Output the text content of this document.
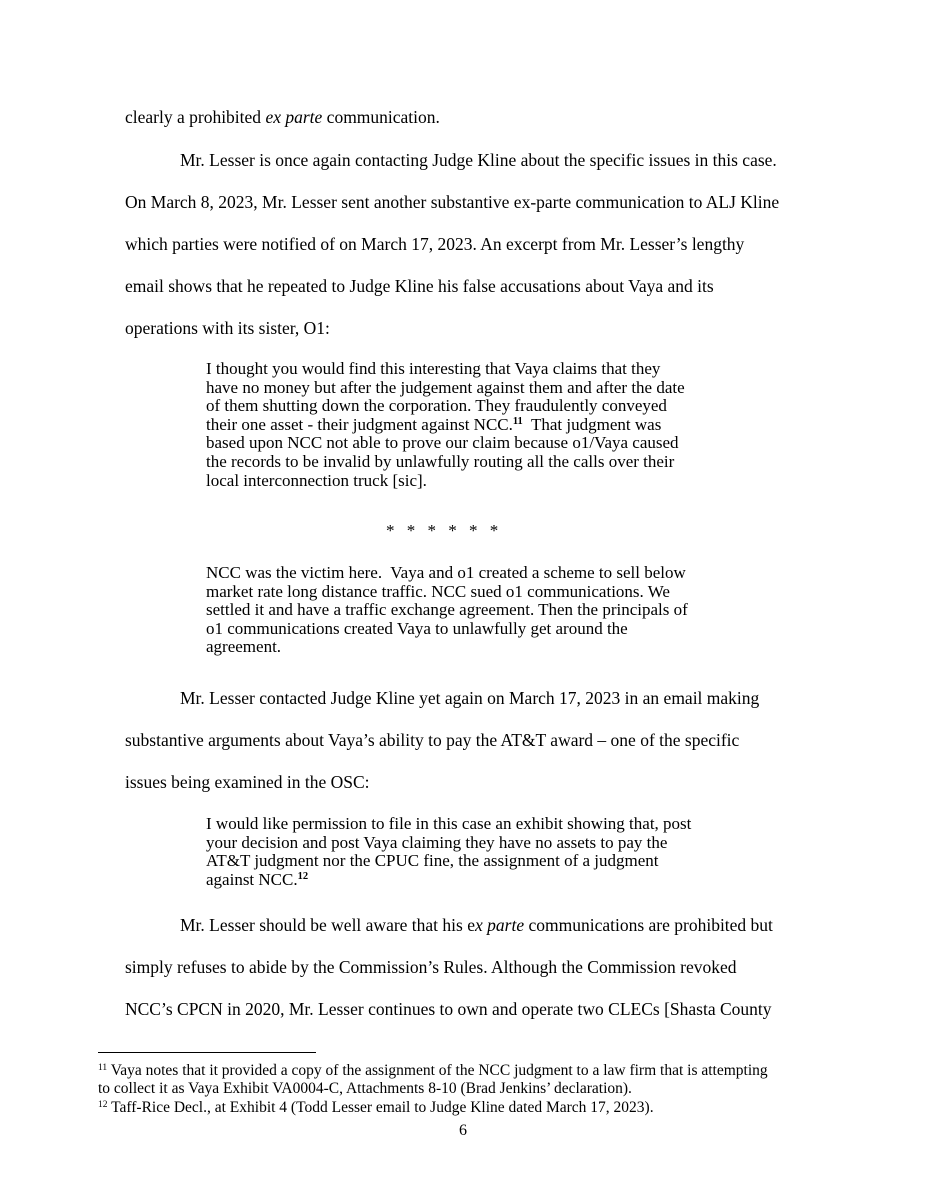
clearly a prohibited ex parte communication.
Mr. Lesser is once again contacting Judge Kline about the specific issues in this case.
On March 8, 2023, Mr. Lesser sent another substantive ex-parte communication to ALJ Kline
which parties were notified of on March 17, 2023. An excerpt from Mr. Lesser’s lengthy
email shows that he repeated to Judge Kline his false accusations about Vaya and its
operations with its sister, O1:
I thought you would find this interesting that Vaya claims that they
have no money but after the judgement against them and after the date
of them shutting down the corporation. They fraudulently conveyed
their one asset - their judgment against NCC.$^{11}$  That judgment was
based upon NCC not able to prove our claim because o1/Vaya caused
the records to be invalid by unlawfully routing all the calls over their
local interconnection truck [sic].
* * * * * *
NCC was the victim here.  Vaya and o1 created a scheme to sell below
market rate long distance traffic. NCC sued o1 communications. We
settled it and have a traffic exchange agreement. Then the principals of
o1 communications created Vaya to unlawfully get around the
agreement.
Mr. Lesser contacted Judge Kline yet again on March 17, 2023 in an email making
substantive arguments about Vaya’s ability to pay the AT&T award – one of the specific
issues being examined in the OSC:
I would like permission to file in this case an exhibit showing that, post
your decision and post Vaya claiming they have no assets to pay the
AT&T judgment nor the CPUC fine, the assignment of a judgment
against NCC.$^{12}$
Mr. Lesser should be well aware that his ex parte communications are prohibited but
simply refuses to abide by the Commission’s Rules. Although the Commission revoked
NCC’s CPCN in 2020, Mr. Lesser continues to own and operate two CLECs [Shasta County
$^{11}$ Vaya notes that it provided a copy of the assignment of the NCC judgment to a law firm that is attempting
to collect it as Vaya Exhibit VA0004-C, Attachments 8-10 (Brad Jenkins’ declaration).
$^{12}$ Taff-Rice Decl., at Exhibit 4 (Todd Lesser email to Judge Kline dated March 17, 2023).
6
